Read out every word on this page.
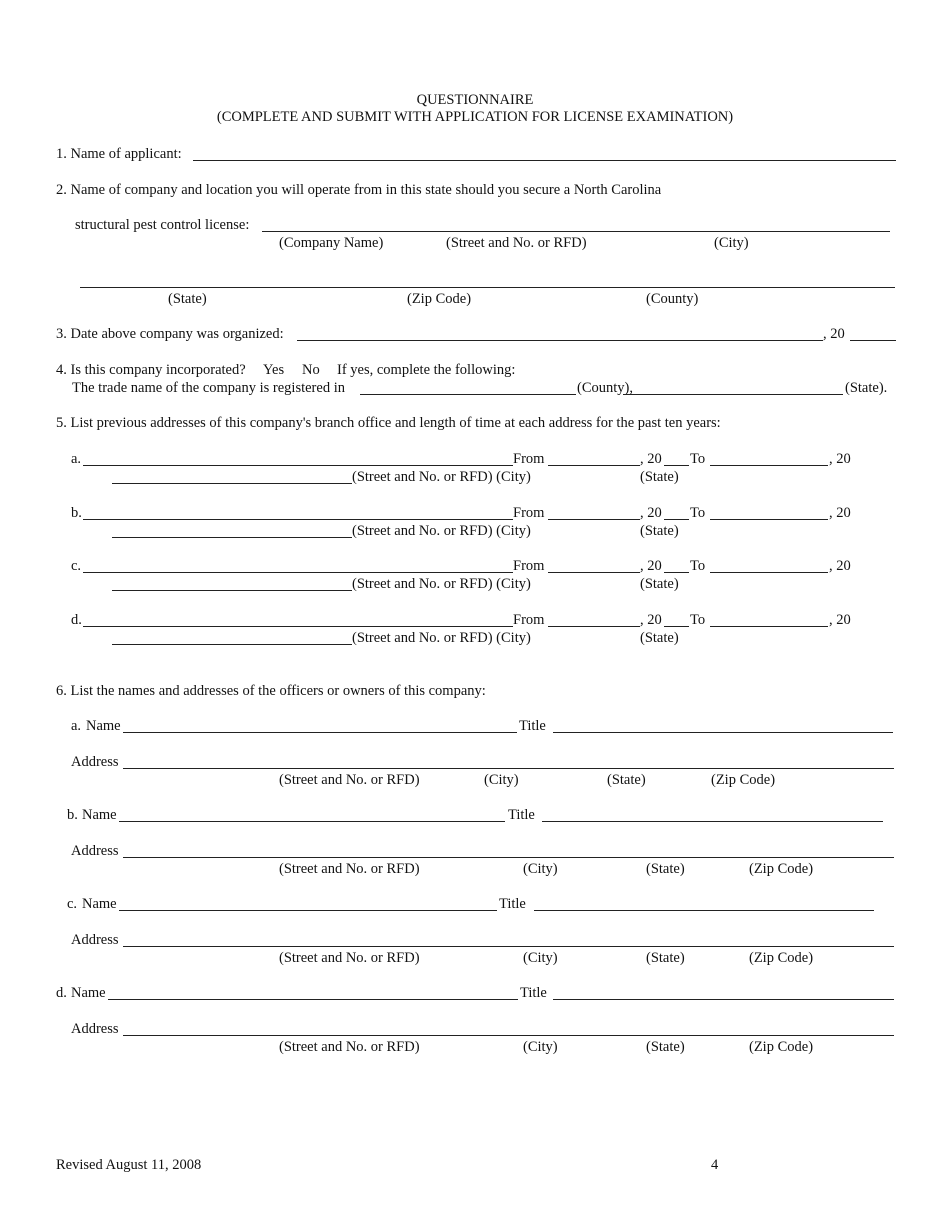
QUESTIONNAIRE
(COMPLETE AND SUBMIT WITH APPLICATION FOR LICENSE EXAMINATION)
1. Name of applicant:
2. Name of company and location you will operate from in this state should you secure a North Carolina
structural pest control license:
(Company Name)	(Street and No. or RFD)	(City)
(State)	(Zip Code)	(County)
3. Date above company was organized:	, 20
4. Is this company incorporated? Yes No If yes, complete the following:
The trade name of the company is registered in	(County),	(State).
5. List previous addresses of this company's branch office and length of time at each address for the past ten years:
a.	From	, 20 To	, 20
(Street and No. or RFD) (City)	(State)
b.	From	, 20 To	, 20
(Street and No. or RFD) (City)	(State)
c.	From	, 20 To	, 20
(Street and No. or RFD) (City)	(State)
d.	From	, 20 To	, 20
(Street and No. or RFD) (City)	(State)
6. List the names and addresses of the officers or owners of this company:
a. Name	Title
Address
(Street and No. or RFD)	(City)	(State)	(Zip Code)
b. Name	Title
Address
(Street and No. or RFD)	(City)	(State)	(Zip Code)
c. Name	Title
Address
(Street and No. or RFD)	(City)	(State)	(Zip Code)
d. Name	Title
Address
(Street and No. or RFD)	(City)	(State)	(Zip Code)
Revised August 11, 2008	4
